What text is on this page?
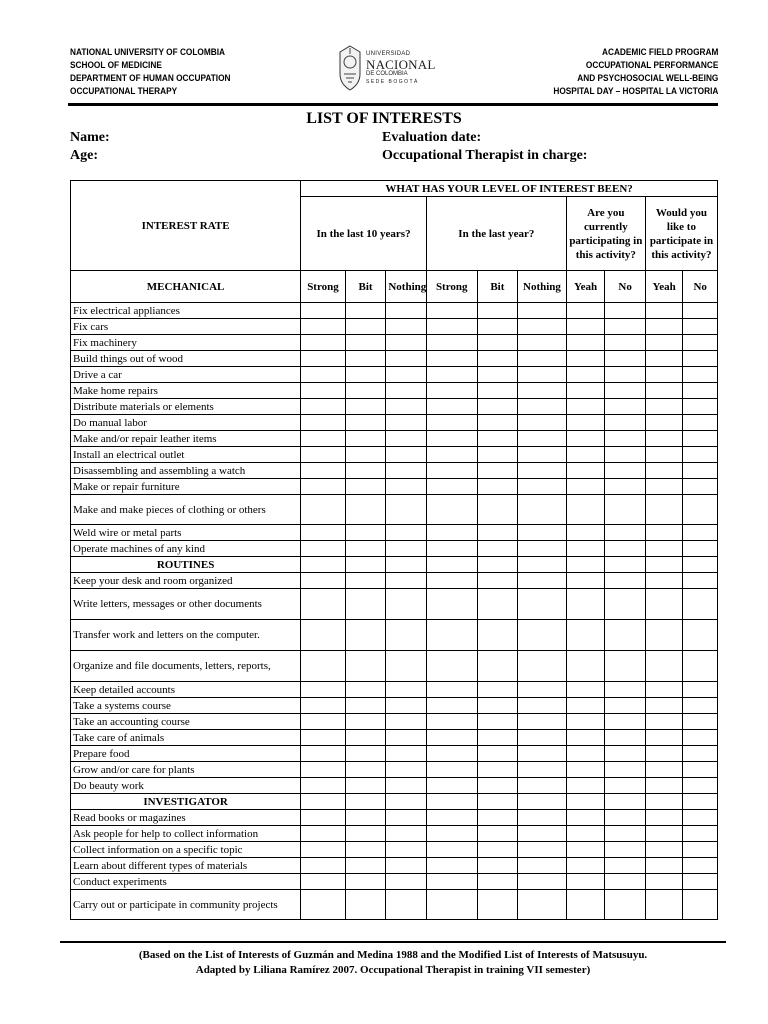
NATIONAL UNIVERSITY OF COLOMBIA
SCHOOL OF MEDICINE
DEPARTMENT OF HUMAN OCCUPATION
OCCUPATIONAL THERAPY
UNIVERSIDAD
NACIONAL
DE COLOMBIA
SEDE BOGOTÁ
ACADEMIC FIELD PROGRAM
OCCUPATIONAL PERFORMANCE
AND PSYCHOSOCIAL WELL-BEING
HOSPITAL DAY – HOSPITAL LA VICTORIA
LIST OF INTERESTS
Name:
Age:
Evaluation date:
Occupational Therapist in charge:
INTEREST RATE	WHAT HAS YOUR LEVEL OF INTEREST BEEN?									
	In the last 10 years?			In the last year?			Are you currently participating in this activity?		Would you like to participate in this activity?	
MECHANICAL	Strong	Bit	Nothing	Strong	Bit	Nothing	Yeah	No	Yeah	No
Fix electrical appliances										
Fix cars										
Fix machinery										
Build things out of wood										
Drive a car										
Make home repairs										
Distribute materials or elements										
Do manual labor										
Make and/or repair leather items										
Install an electrical outlet										
Disassembling and assembling a watch										
Make or repair furniture										
Make and make pieces of clothing or others										
Weld wire or metal parts										
Operate machines of any kind										
ROUTINES										
Keep your desk and room organized										
Write letters, messages or other documents										
Transfer work and letters on the computer.										
Organize and file documents, letters, reports,										
Keep detailed accounts										
Take a systems course										
Take an accounting course										
Take care of animals										
Prepare food										
Grow and/or care for plants										
Do beauty work										
INVESTIGATOR										
Read books or magazines										
Ask people for help to collect information										
Collect information on a specific topic										
Learn about different types of materials										
Conduct experiments										
Carry out or participate in community projects										
(Based on the List of Interests of Guzmán and Medina 1988 and the Modified List of Interests of Matsusuyu.
Adapted by Liliana Ramírez 2007. Occupational Therapist in training VII semester)
